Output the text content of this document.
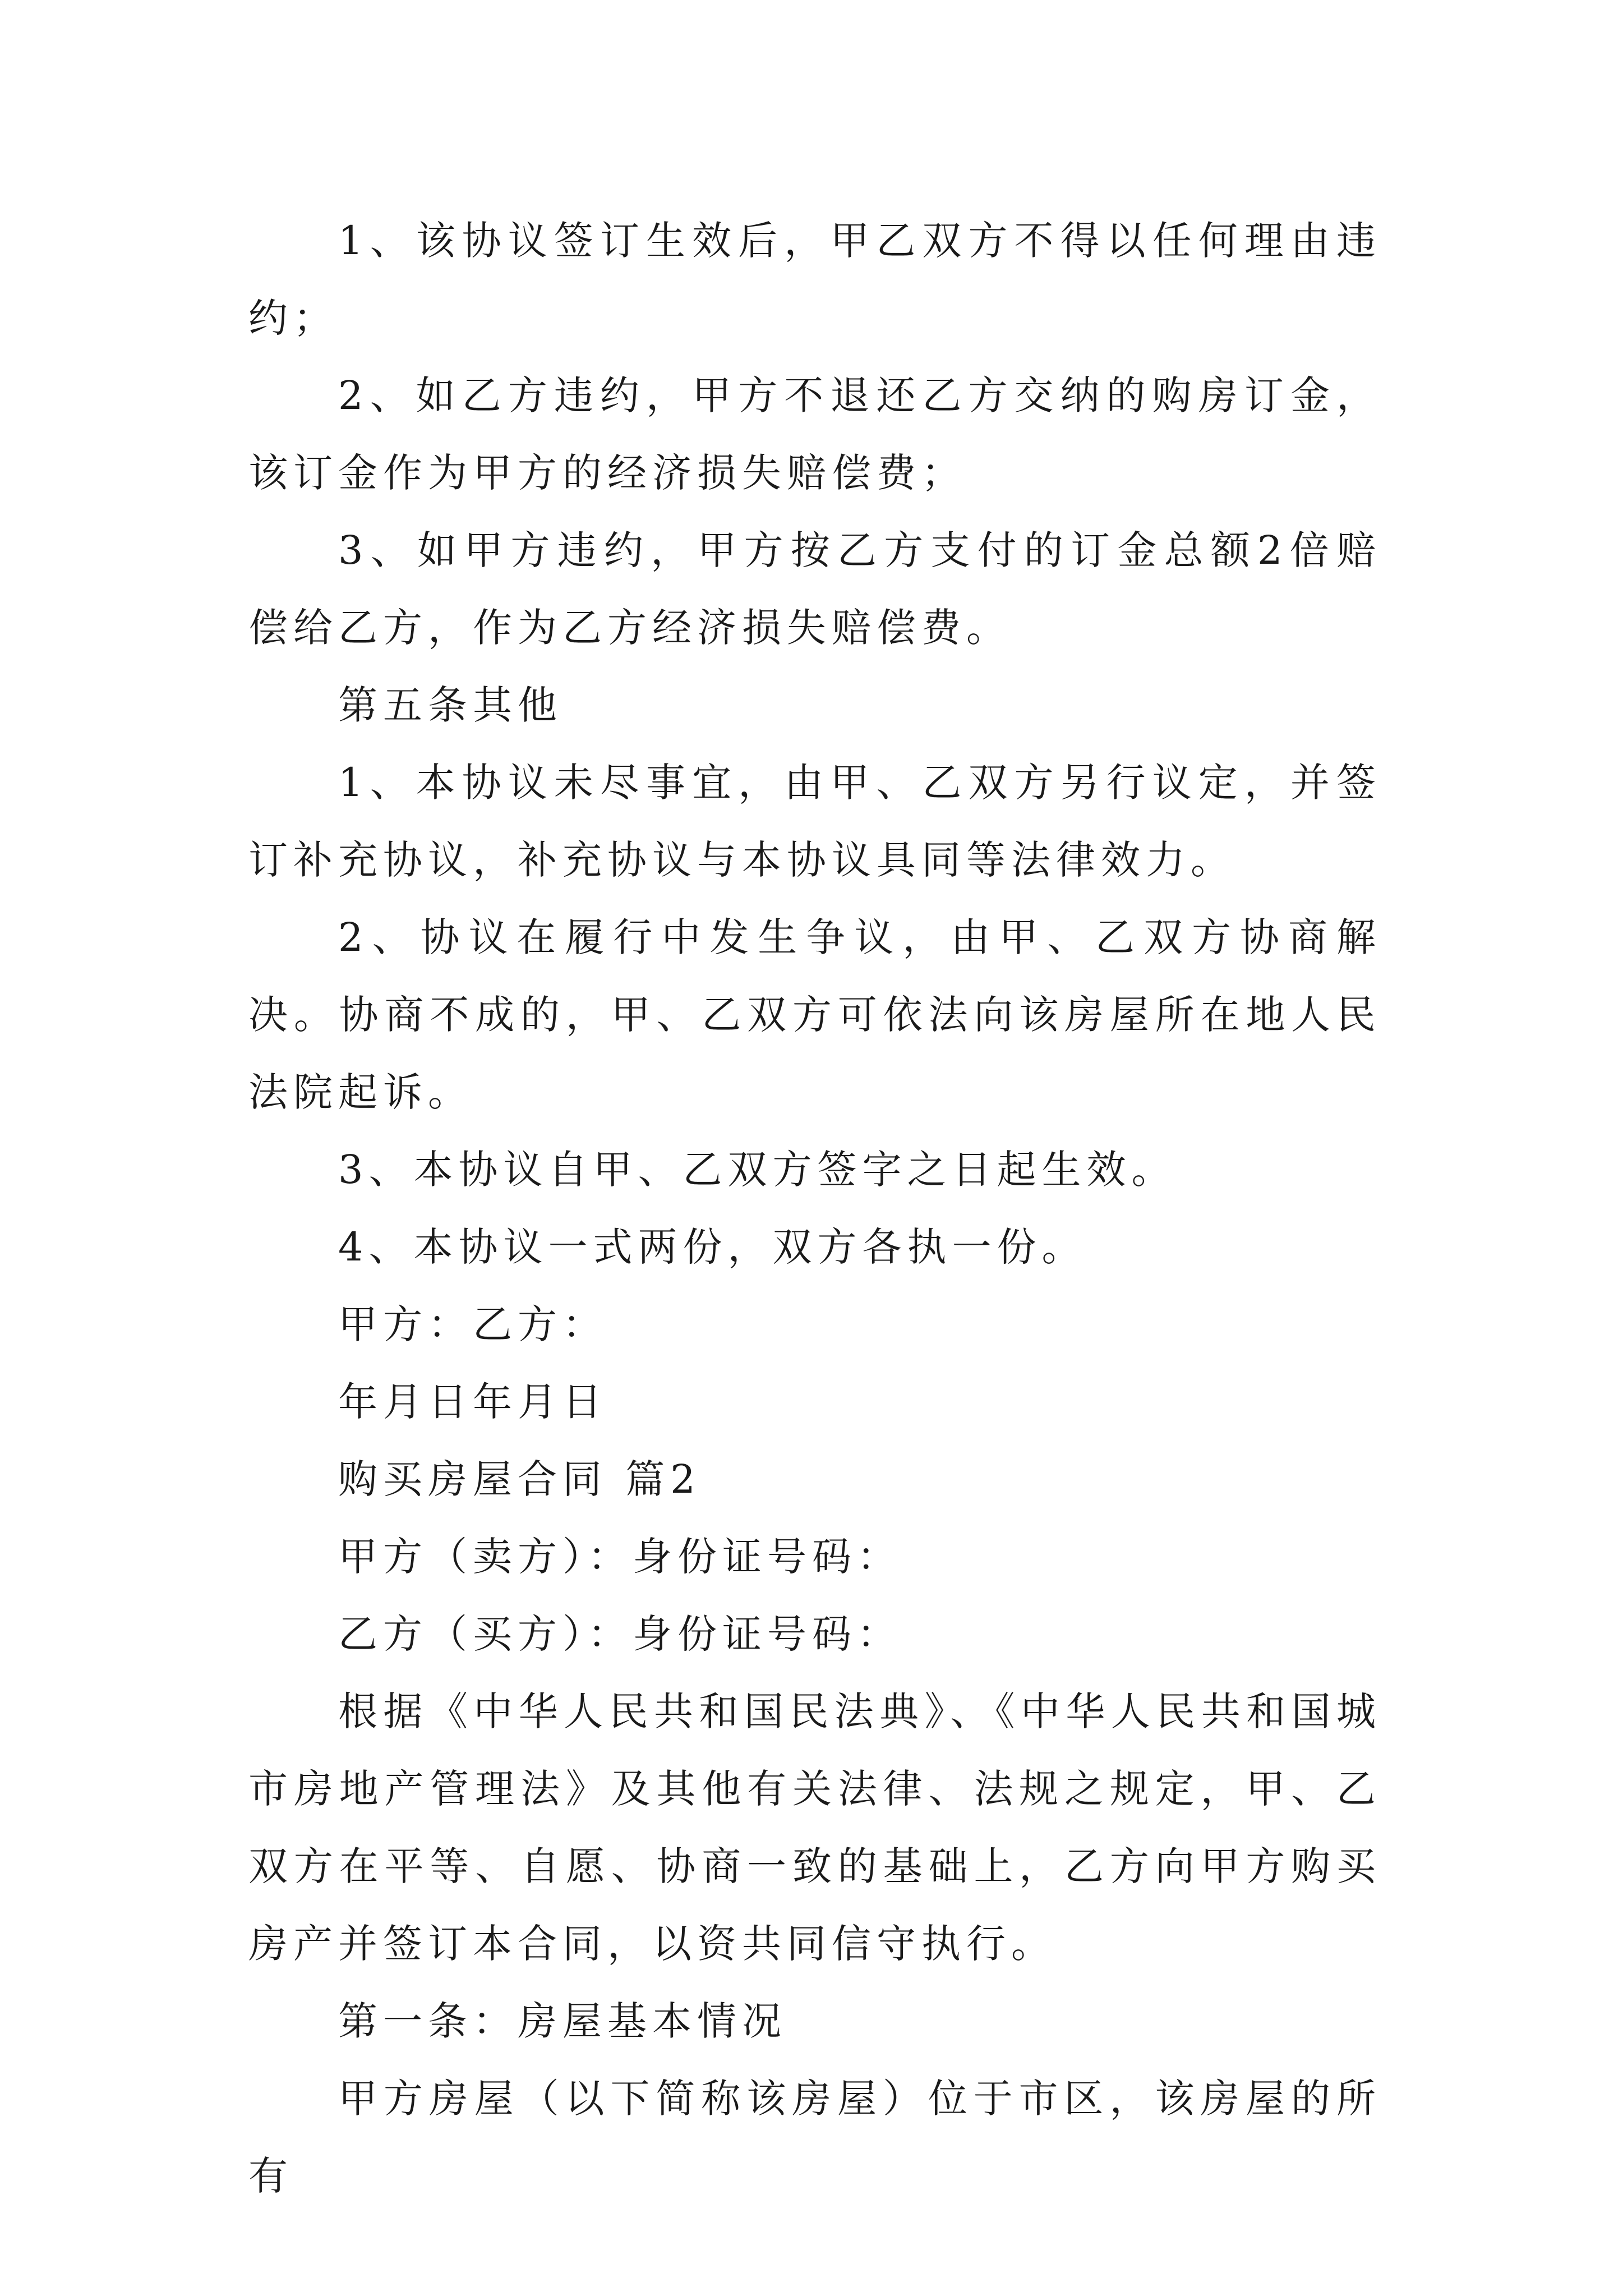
1、该协议签订生效后，甲乙双方不得以任何理由违约；

2、如乙方违约，甲方不退还乙方交纳的购房订金，该订金作为甲方的经济损失赔偿费；

3、如甲方违约，甲方按乙方支付的订金总额2倍赔偿给乙方，作为乙方经济损失赔偿费。

第五条其他

1、本协议未尽事宜，由甲、乙双方另行议定，并签订补充协议，补充协议与本协议具同等法律效力。

2、协议在履行中发生争议，由甲、乙双方协商解决。协商不成的，甲、乙双方可依法向该房屋所在地人民法院起诉。

3、本协议自甲、乙双方签字之日起生效。

4、本协议一式两份，双方各执一份。

甲方：乙方：

年月日年月日

购买房屋合同 篇2

甲方（卖方）：身份证号码：

乙方（买方）：身份证号码：

根据《中华人民共和国民法典》、《中华人民共和国城市房地产管理法》及其他有关法律、法规之规定，甲、乙双方在平等、自愿、协商一致的基础上，乙方向甲方购买房产并签订本合同，以资共同信守执行。

第一条：房屋基本情况

甲方房屋（以下简称该房屋）位于市区，该房屋的所有
